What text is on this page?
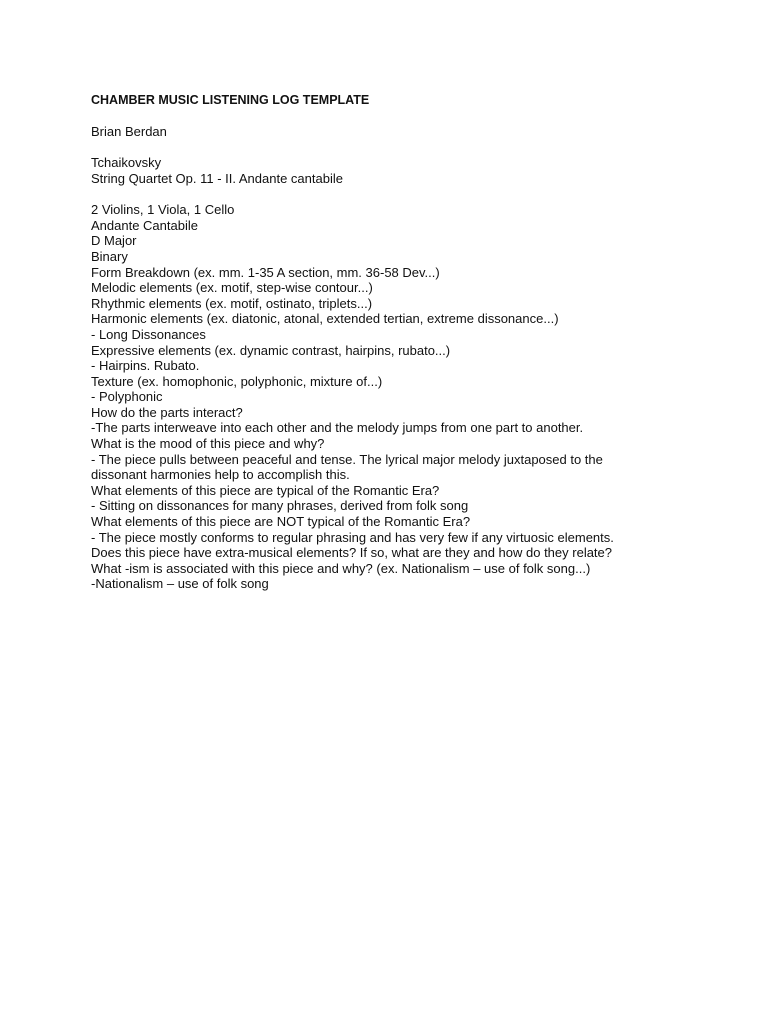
CHAMBER MUSIC LISTENING LOG TEMPLATE

Brian Berdan

Tchaikovsky

String Quartet Op. 11 - II. Andante cantabile

2 Violins, 1 Viola, 1 Cello

Andante Cantabile

D Major

Binary

Form Breakdown (ex. mm. 1-35 A section, mm. 36-58 Dev...)

Melodic elements (ex. motif, step-wise contour...)

Rhythmic elements (ex. motif, ostinato, triplets...)

Harmonic elements (ex. diatonic, atonal, extended tertian, extreme dissonance...)

- Long Dissonances

Expressive elements (ex. dynamic contrast, hairpins, rubato...)

- Hairpins. Rubato.

Texture (ex. homophonic, polyphonic, mixture of...)

- Polyphonic

How do the parts interact?

-The parts interweave into each other and the melody jumps from one part to another.

What is the mood of this piece and why?

- The piece pulls between peaceful and tense. The lyrical major melody juxtaposed to the

dissonant harmonies help to accomplish this.

What elements of this piece are typical of the Romantic Era?

- Sitting on dissonances for many phrases, derived from folk song

What elements of this piece are NOT typical of the Romantic Era?

- The piece mostly conforms to regular phrasing and has very few if any virtuosic elements.

Does this piece have extra-musical elements? If so, what are they and how do they relate?

What -ism is associated with this piece and why? (ex. Nationalism – use of folk song...)

-Nationalism – use of folk song
